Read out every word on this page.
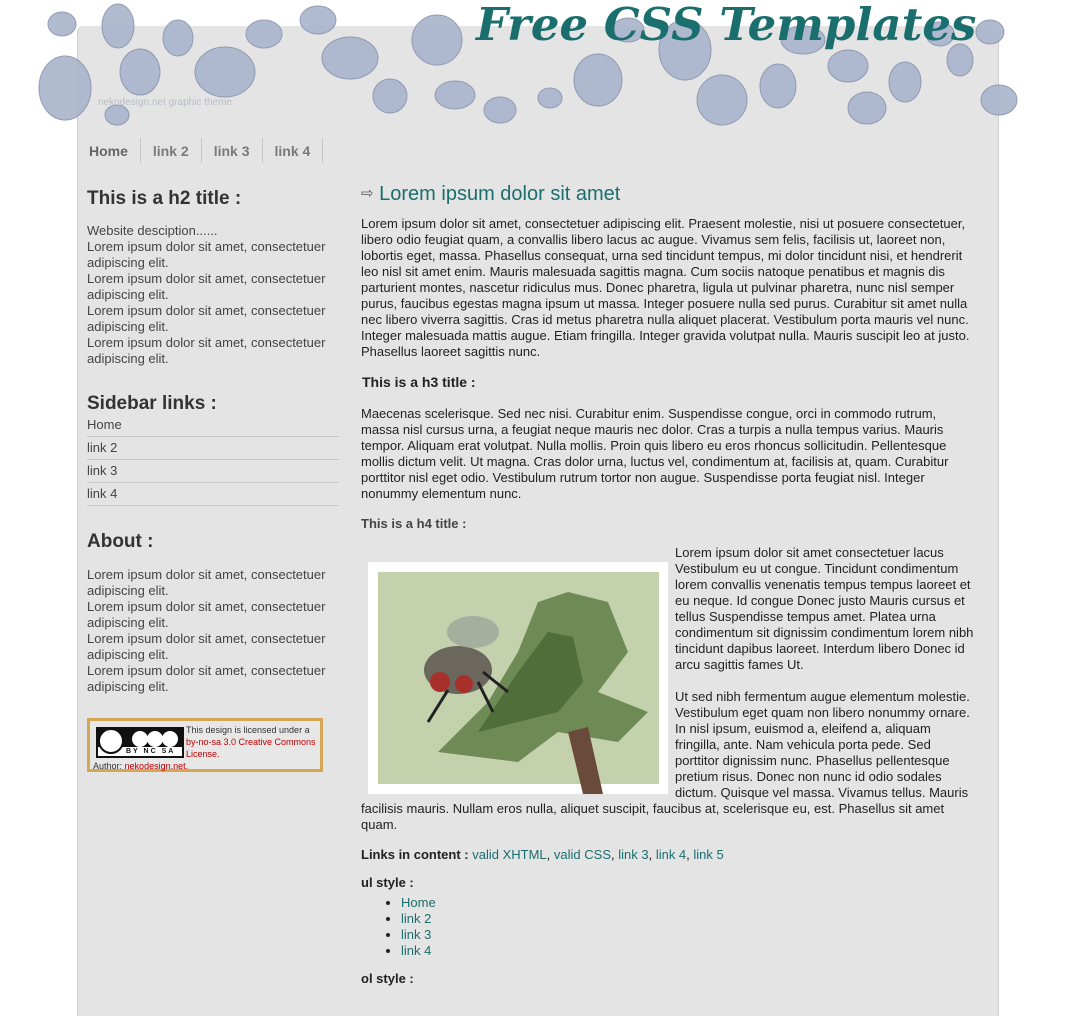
Free CSS Templates
nekodesign.net graphic theme
Home	link 2	link 3	link 4
This is a h2 title :
Website desciption......
Lorem ipsum dolor sit amet, consectetuer adipiscing elit.
Lorem ipsum dolor sit amet, consectetuer adipiscing elit.
Lorem ipsum dolor sit amet, consectetuer adipiscing elit.
Lorem ipsum dolor sit amet, consectetuer adipiscing elit.
Sidebar links :
Home
link 2
link 3
link 4
About :
Lorem ipsum dolor sit amet, consectetuer adipiscing elit.
Lorem ipsum dolor sit amet, consectetuer adipiscing elit.
Lorem ipsum dolor sit amet, consectetuer adipiscing elit.
Lorem ipsum dolor sit amet, consectetuer adipiscing elit.
BY NC SA
This design is licensed under a
by-no-sa 3.0 Creative Commons License.
Author: nekodesign.net.
⇨ Lorem ipsum dolor sit amet

Lorem ipsum dolor sit amet, consectetuer adipiscing elit. Praesent molestie, nisi ut posuere consectetuer, libero odio feugiat quam, a convallis libero lacus ac augue. Vivamus sem felis, facilisis ut, laoreet non, lobortis eget, massa. Phasellus consequat, urna sed tincidunt tempus, mi dolor tincidunt nisi, et hendrerit leo nisl sit amet enim. Mauris malesuada sagittis magna. Cum sociis natoque penatibus et magnis dis parturient montes, nascetur ridiculus mus. Donec pharetra, ligula ut pulvinar pharetra, nunc nisl semper purus, faucibus egestas magna ipsum ut massa. Integer posuere nulla sed purus. Curabitur sit amet nulla nec libero viverra sagittis. Cras id metus pharetra nulla aliquet placerat. Vestibulum porta mauris vel nunc. Integer malesuada mattis augue. Etiam fringilla. Integer gravida volutpat nulla. Mauris suscipit leo at justo. Phasellus laoreet sagittis nunc.

This is a h3 title :

Maecenas scelerisque. Sed nec nisi. Curabitur enim. Suspendisse congue, orci in commodo rutrum, massa nisl cursus urna, a feugiat neque mauris nec dolor. Cras a turpis a nulla tempus varius. Mauris tempor. Aliquam erat volutpat. Nulla mollis. Proin quis libero eu eros rhoncus sollicitudin. Pellentesque mollis dictum velit. Ut magna. Cras dolor urna, luctus vel, condimentum at, facilisis at, quam. Curabitur porttitor nisl eget odio. Vestibulum rutrum tortor non augue. Suspendisse porta feugiat nisl. Integer nonummy elementum nunc.

This is a h4 title :

Lorem ipsum dolor sit amet consectetuer lacus Vestibulum eu ut congue. Tincidunt condimentum lorem convallis venenatis tempus tempus laoreet et eu neque. Id congue Donec justo Mauris cursus et tellus Suspendisse tempus amet. Platea urna condimentum sit dignissim condimentum lorem nibh tincidunt dapibus laoreet. Interdum libero Donec id arcu sagittis fames Ut.

Ut sed nibh fermentum augue elementum molestie. Vestibulum eget quam non libero nonummy ornare. In nisl ipsum, euismod a, eleifend a, aliquam fringilla, ante. Nam vehicula porta pede. Sed porttitor dignissim nunc. Phasellus pellentesque pretium risus. Donec non nunc id odio sodales dictum. Quisque vel massa. Vivamus tellus. Mauris facilisis mauris. Nullam eros nulla, aliquet suscipit, faucibus at, scelerisque eu, est. Phasellus sit amet quam.

Links in content : valid XHTML, valid CSS, link 3, link 4, link 5

ul style :

• Home
• link 2
• link 3
• link 4

ol style :
